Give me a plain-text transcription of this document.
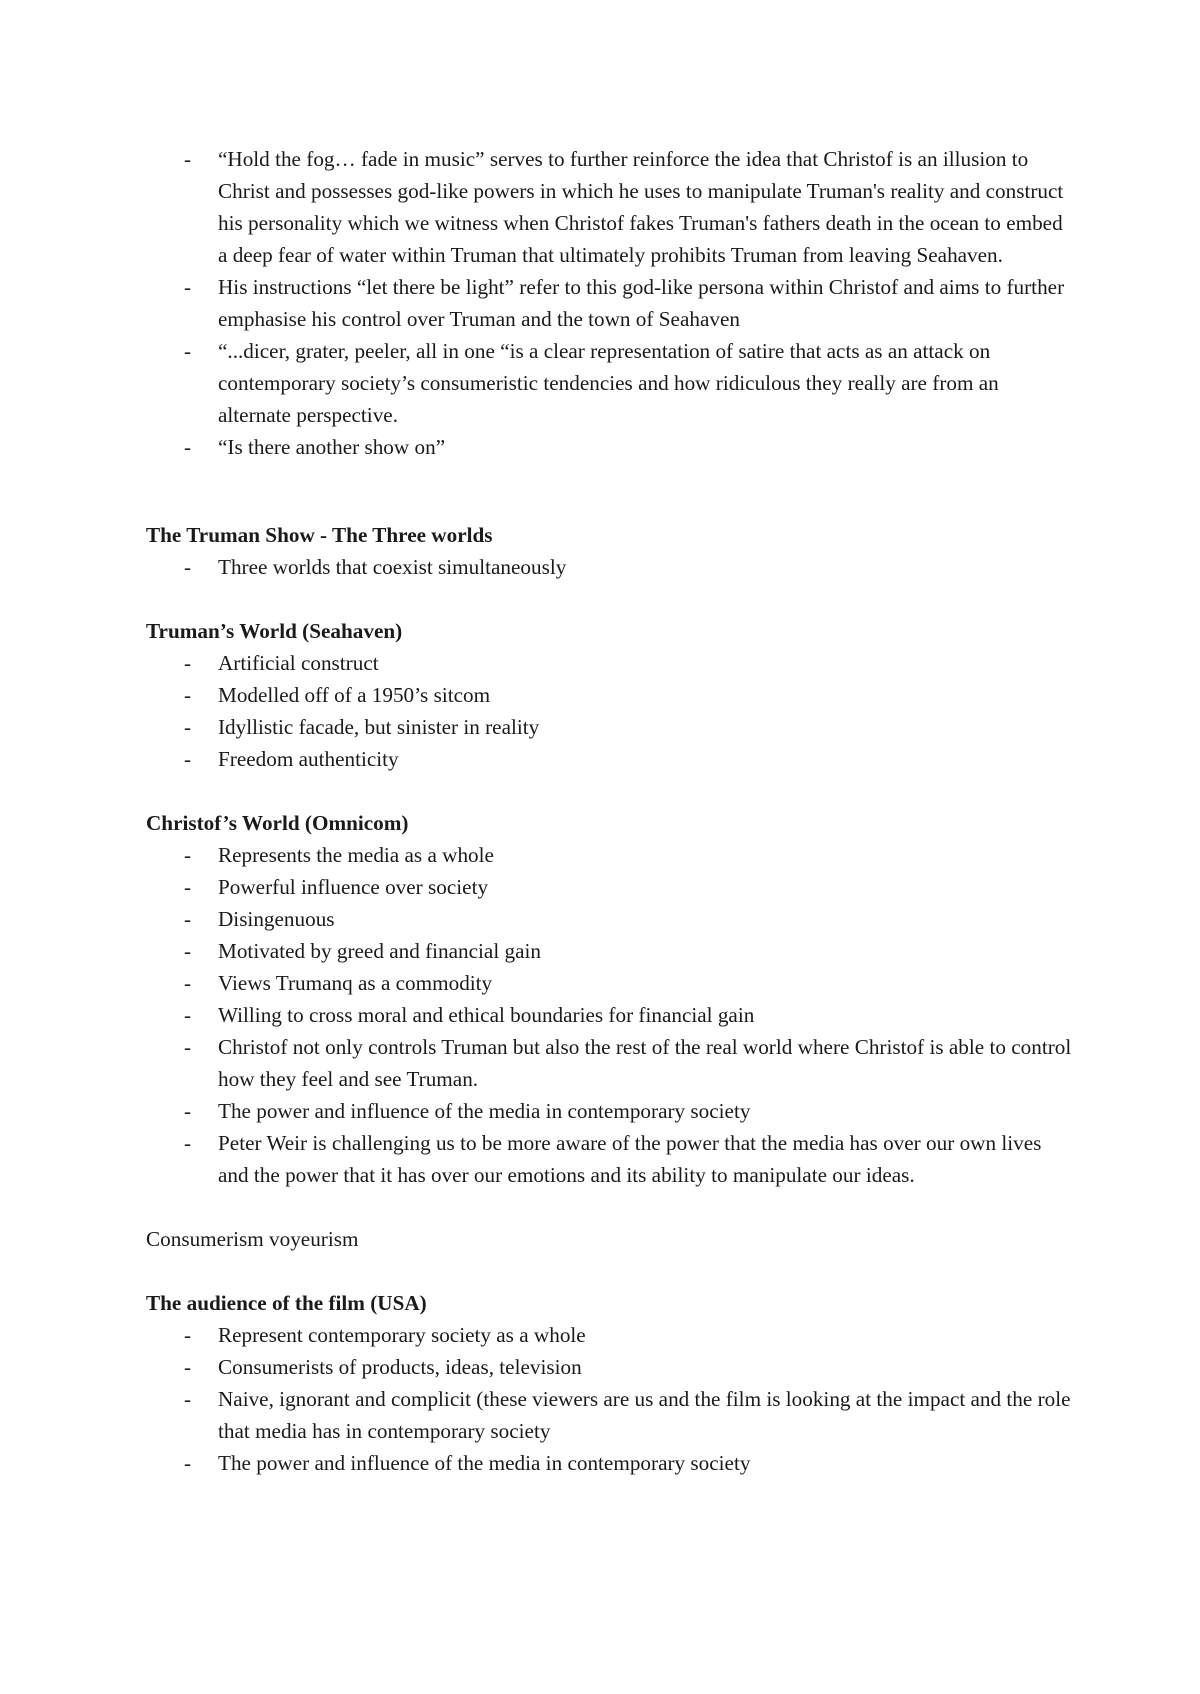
- “Hold the fog… fade in music” serves to further reinforce the idea that Christof is an illusion to Christ and possesses god-like powers in which he uses to manipulate Truman's reality and construct his personality which we witness when Christof fakes Truman's fathers death in the ocean to embed a deep fear of water within Truman that ultimately prohibits Truman from leaving Seahaven.
- His instructions “let there be light” refer to this god-like persona within Christof and aims to further emphasise his control over Truman and the town of Seahaven
- “...dicer, grater, peeler, all in one “is a clear representation of satire that acts as an attack on contemporary society’s consumeristic tendencies and how ridiculous they really are from an alternate perspective.
- “Is there another show on”

The Truman Show - The Three worlds

- Three worlds that coexist simultaneously

Truman’s World (Seahaven)

- Artificial construct
- Modelled off of a 1950’s sitcom
- Idyllistic facade, but sinister in reality
- Freedom authenticity

Christof’s World (Omnicom)

- Represents the media as a whole
- Powerful influence over society
- Disingenuous
- Motivated by greed and financial gain
- Views Trumanq as a commodity
- Willing to cross moral and ethical boundaries for financial gain
- Christof not only controls Truman but also the rest of the real world where Christof is able to control how they feel and see Truman.
- The power and influence of the media in contemporary society
- Peter Weir is challenging us to be more aware of the power that the media has over our own lives and the power that it has over our emotions and its ability to manipulate our ideas.

Consumerism voyeurism

The audience of the film (USA)

- Represent contemporary society as a whole
- Consumerists of products, ideas, television
- Naive, ignorant and complicit (these viewers are us and the film is looking at the impact and the role that media has in contemporary society
- The power and influence of the media in contemporary society
